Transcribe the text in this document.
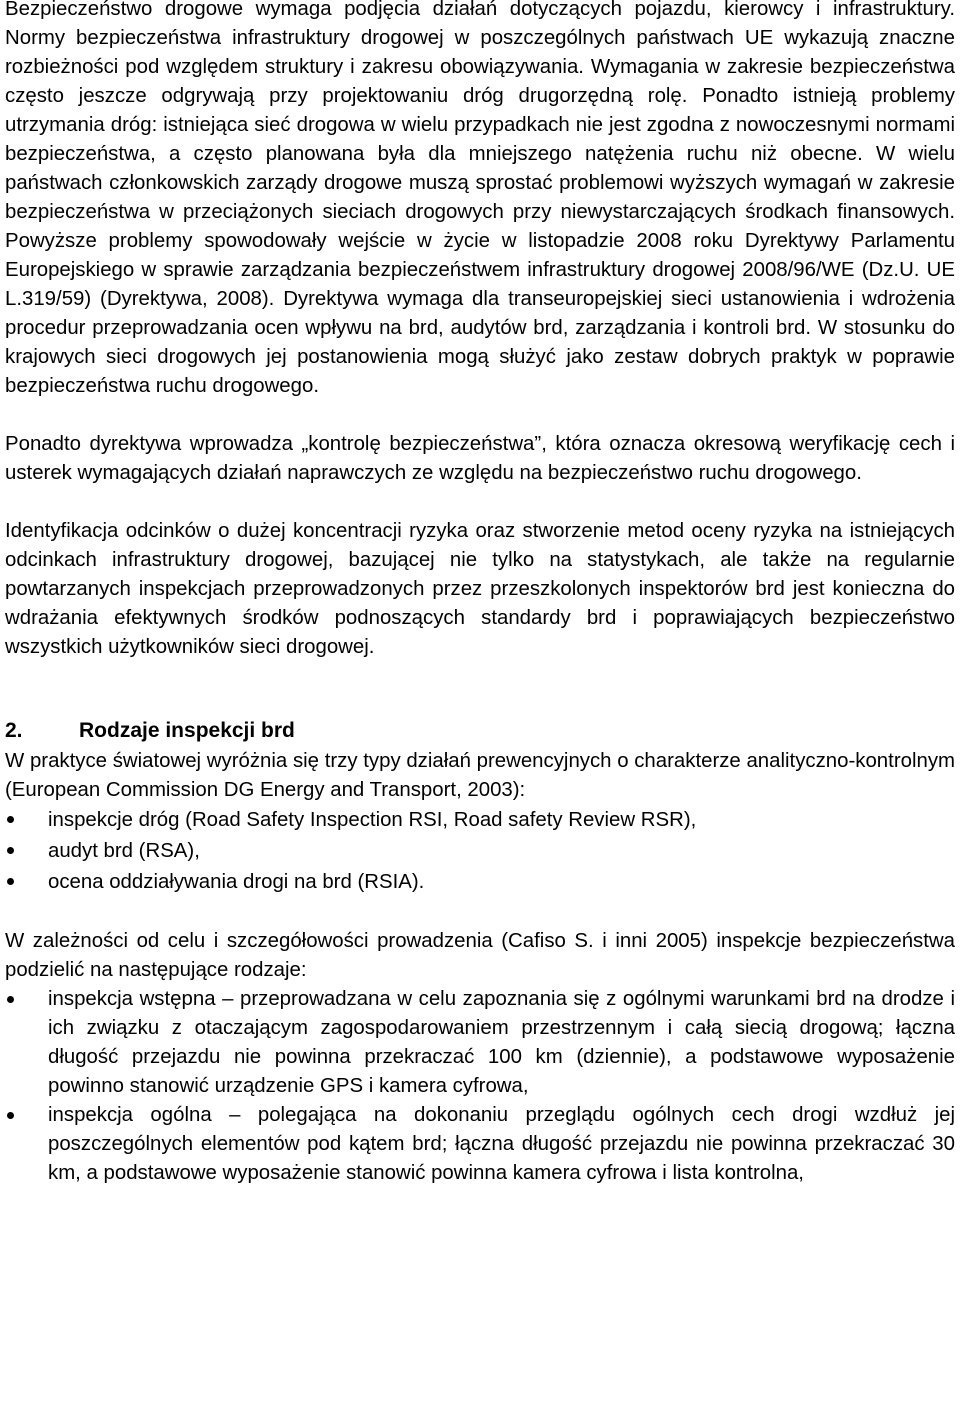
Bezpieczeństwo drogowe wymaga podjęcia działań dotyczących pojazdu, kierowcy i infrastruktury. Normy bezpieczeństwa infrastruktury drogowej w poszczególnych państwach UE wykazują znaczne rozbieżności pod względem struktury i zakresu obowiązywania. Wymagania w zakresie bezpieczeństwa często jeszcze odgrywają przy projektowaniu dróg drugorzędną rolę. Ponadto istnieją problemy utrzymania dróg: istniejąca sieć drogowa w wielu przypadkach nie jest zgodna z nowoczesnymi normami bezpieczeństwa, a często planowana była dla mniejszego natężenia ruchu niż obecne. W wielu państwach członkowskich zarządy drogowe muszą sprostać problemowi wyższych wymagań w zakresie bezpieczeństwa w przeciążonych sieciach drogowych przy niewystarczających środkach finansowych. Powyższe problemy spowodowały wejście w życie w listopadzie 2008 roku Dyrektywy Parlamentu Europejskiego w sprawie zarządzania bezpieczeństwem infrastruktury drogowej 2008/96/WE (Dz.U. UE L.319/59) (Dyrektywa, 2008). Dyrektywa wymaga dla transeuropejskiej sieci ustanowienia i wdrożenia procedur przeprowadzania ocen wpływu na brd, audytów brd, zarządzania i kontroli brd. W stosunku do krajowych sieci drogowych jej postanowienia mogą służyć jako zestaw dobrych praktyk w poprawie bezpieczeństwa ruchu drogowego.

Ponadto dyrektywa wprowadza „kontrolę bezpieczeństwa”, która oznacza okresową weryfikację cech i usterek wymagających działań naprawczych ze względu na bezpieczeństwo ruchu drogowego.

Identyfikacja odcinków o dużej koncentracji ryzyka oraz stworzenie metod oceny ryzyka na istniejących odcinkach infrastruktury drogowej, bazującej nie tylko na statystykach, ale także na regularnie powtarzanych inspekcjach przeprowadzonych przez przeszkolonych inspektorów brd jest konieczna do wdrażania efektywnych środków podnoszących standardy brd i poprawiających bezpieczeństwo wszystkich użytkowników sieci drogowej.

2.	Rodzaje inspekcji brd

W praktyce światowej wyróżnia się trzy typy działań prewencyjnych o charakterze analityczno-kontrolnym (European Commission DG Energy and Transport, 2003):

inspekcje dróg (Road Safety Inspection RSI, Road safety Review RSR),
audyt brd (RSA),
ocena oddziaływania drogi na brd (RSIA).

W zależności od celu i szczegółowości prowadzenia (Cafiso S. i inni 2005) inspekcje bezpieczeństwa podzielić na następujące rodzaje:

inspekcja wstępna – przeprowadzana w celu zapoznania się z ogólnymi warunkami brd na drodze i ich związku z otaczającym zagospodarowaniem przestrzennym i całą siecią drogową; łączna długość przejazdu nie powinna przekraczać 100 km (dziennie), a podstawowe wyposażenie powinno stanowić urządzenie GPS i kamera cyfrowa,
inspekcja ogólna – polegająca na dokonaniu przeglądu ogólnych cech drogi wzdłuż jej poszczególnych elementów pod kątem brd; łączna długość przejazdu nie powinna przekraczać 30 km, a podstawowe wyposażenie stanowić powinna kamera cyfrowa i lista kontrolna,
